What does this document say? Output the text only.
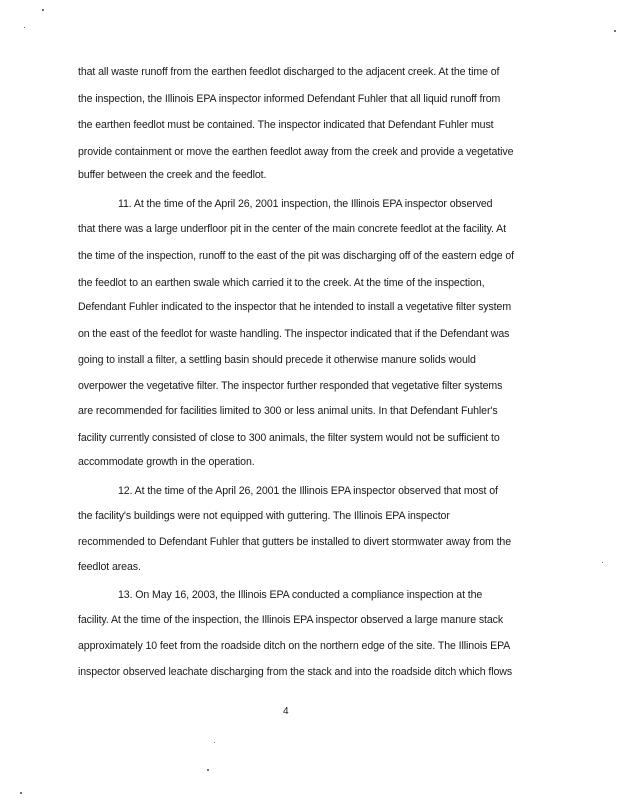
that all waste runoff from the earthen feedlot discharged to the adjacent creek. At the time of
the inspection, the Illinois EPA inspector informed Defendant Fuhler that all liquid runoff from
the earthen feedlot must be contained. The inspector indicated that Defendant Fuhler must
provide containment or move the earthen feedlot away from the creek and provide a vegetative
buffer between the creek and the feedlot.
11. At the time of the April 26, 2001 inspection, the Illinois EPA inspector observed
that there was a large underfloor pit in the center of the main concrete feedlot at the facility. At
the time of the inspection, runoff to the east of the pit was discharging off of the eastern edge of
the feedlot to an earthen swale which carried it to the creek. At the time of the inspection,
Defendant Fuhler indicated to the inspector that he intended to install a vegetative filter system
on the east of the feedlot for waste handling. The inspector indicated that if the Defendant was
going to install a filter, a settling basin should precede it otherwise manure solids would
overpower the vegetative filter. The inspector further responded that vegetative filter systems
are recommended for facilities limited to 300 or less animal units. In that Defendant Fuhler's
facility currently consisted of close to 300 animals, the filter system would not be sufficient to
accommodate growth in the operation.
12. At the time of the April 26, 2001 the Illinois EPA inspector observed that most of
the facility's buildings were not equipped with guttering. The Illinois EPA inspector
recommended to Defendant Fuhler that gutters be installed to divert stormwater away from the
feedlot areas.
13. On May 16, 2003, the Illinois EPA conducted a compliance inspection at the
facility. At the time of the inspection, the Illinois EPA inspector observed a large manure stack
approximately 10 feet from the roadside ditch on the northern edge of the site. The Illinois EPA
inspector observed leachate discharging from the stack and into the roadside ditch which flows
4
